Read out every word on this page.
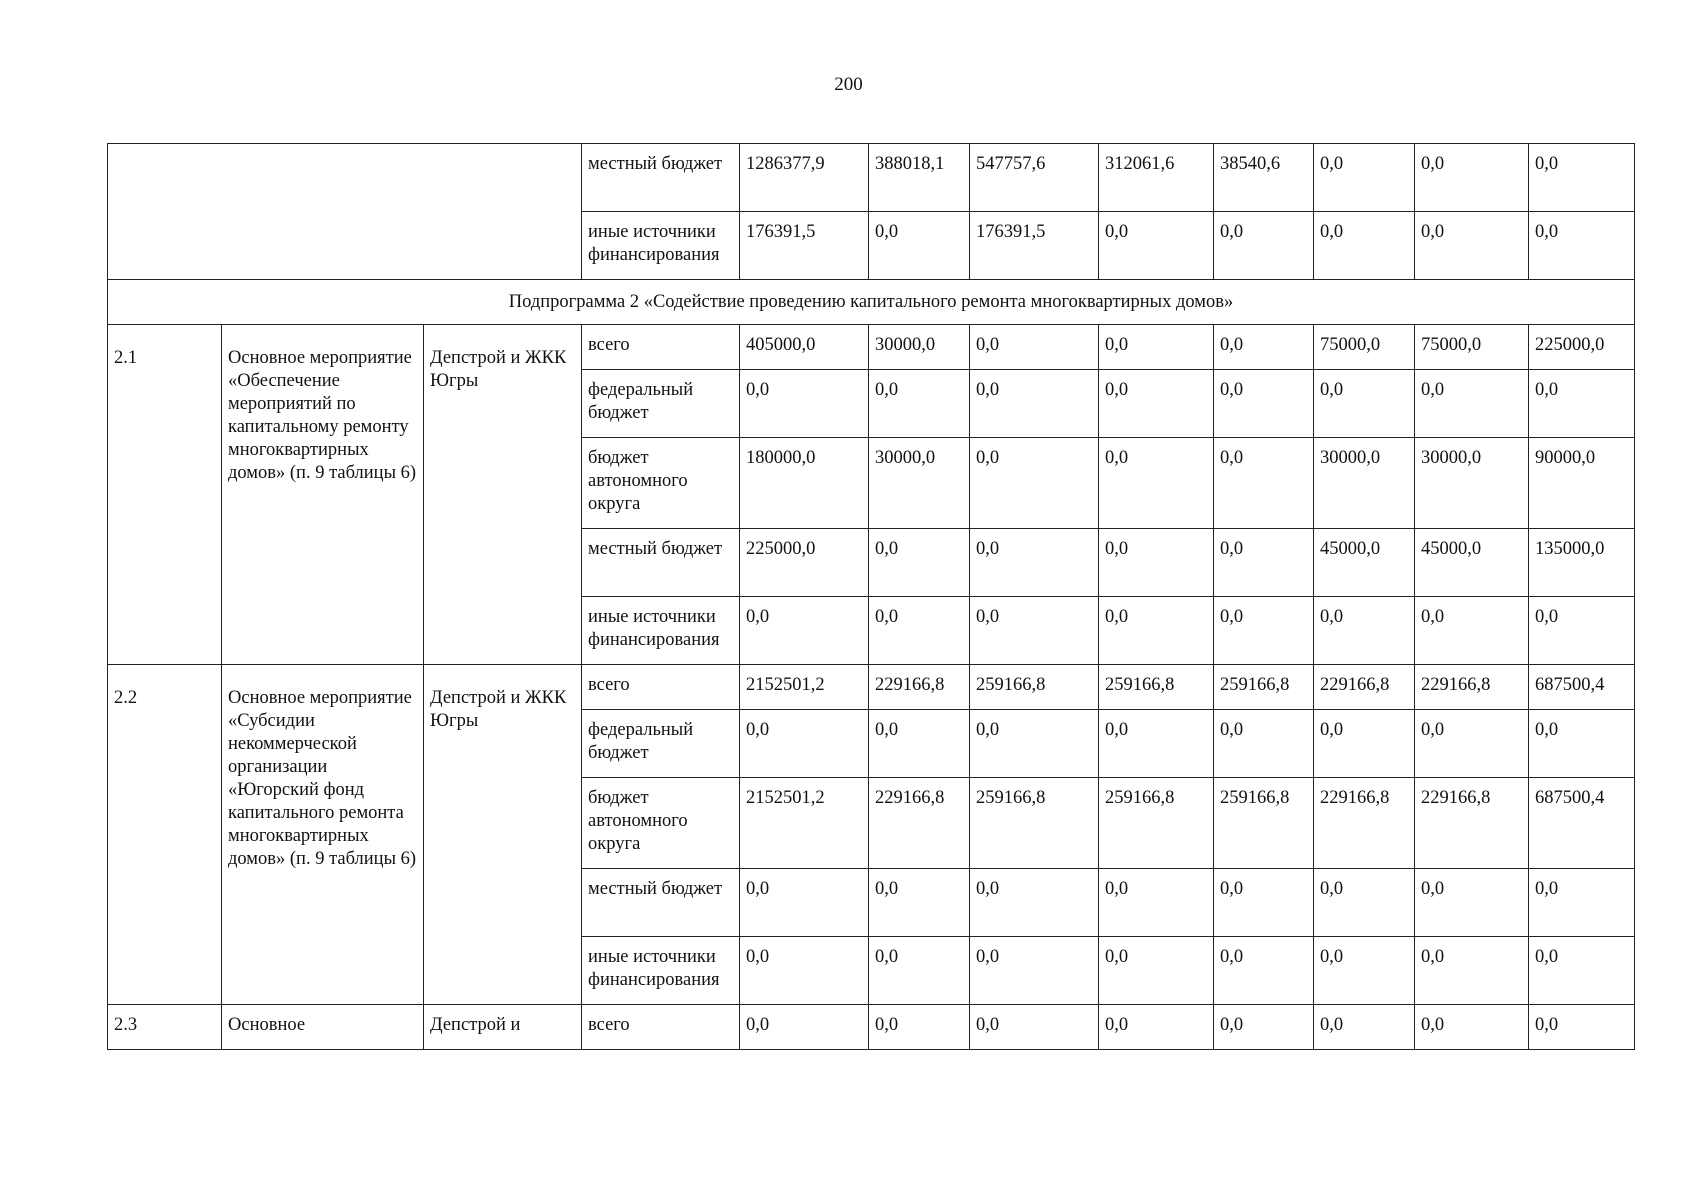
200
			местный бюджет	1286377,9	388018,1	547757,6	312061,6	38540,6	0,0	0,0	0,0
			иные источники финансирования	176391,5	0,0	176391,5	0,0	0,0	0,0	0,0	0,0
Подпрограмма 2 «Содействие проведению капитального ремонта многоквартирных домов»											
2.1	Основное мероприятие «Обеспечение мероприятий по капитальному ремонту многоквартирных домов» (п. 9 таблицы 6)	Депстрой и ЖКК Югры	всего	405000,0	30000,0	0,0	0,0	0,0	75000,0	75000,0	225000,0
			федеральный бюджет	0,0	0,0	0,0	0,0	0,0	0,0	0,0	0,0
			бюджет автономного округа	180000,0	30000,0	0,0	0,0	0,0	30000,0	30000,0	90000,0
			местный бюджет	225000,0	0,0	0,0	0,0	0,0	45000,0	45000,0	135000,0
			иные источники финансирования	0,0	0,0	0,0	0,0	0,0	0,0	0,0	0,0
2.2	Основное мероприятие «Субсидии некоммерческой организации «Югорский фонд капитального ремонта многоквартирных домов» (п. 9 таблицы 6)	Депстрой и ЖКК Югры	всего	2152501,2	229166,8	259166,8	259166,8	259166,8	229166,8	229166,8	687500,4
			федеральный бюджет	0,0	0,0	0,0	0,0	0,0	0,0	0,0	0,0
			бюджет автономного округа	2152501,2	229166,8	259166,8	259166,8	259166,8	229166,8	229166,8	687500,4
			местный бюджет	0,0	0,0	0,0	0,0	0,0	0,0	0,0	0,0
			иные источники финансирования	0,0	0,0	0,0	0,0	0,0	0,0	0,0	0,0
2.3	Основное	Депстрой и	всего	0,0	0,0	0,0	0,0	0,0	0,0	0,0	0,0
